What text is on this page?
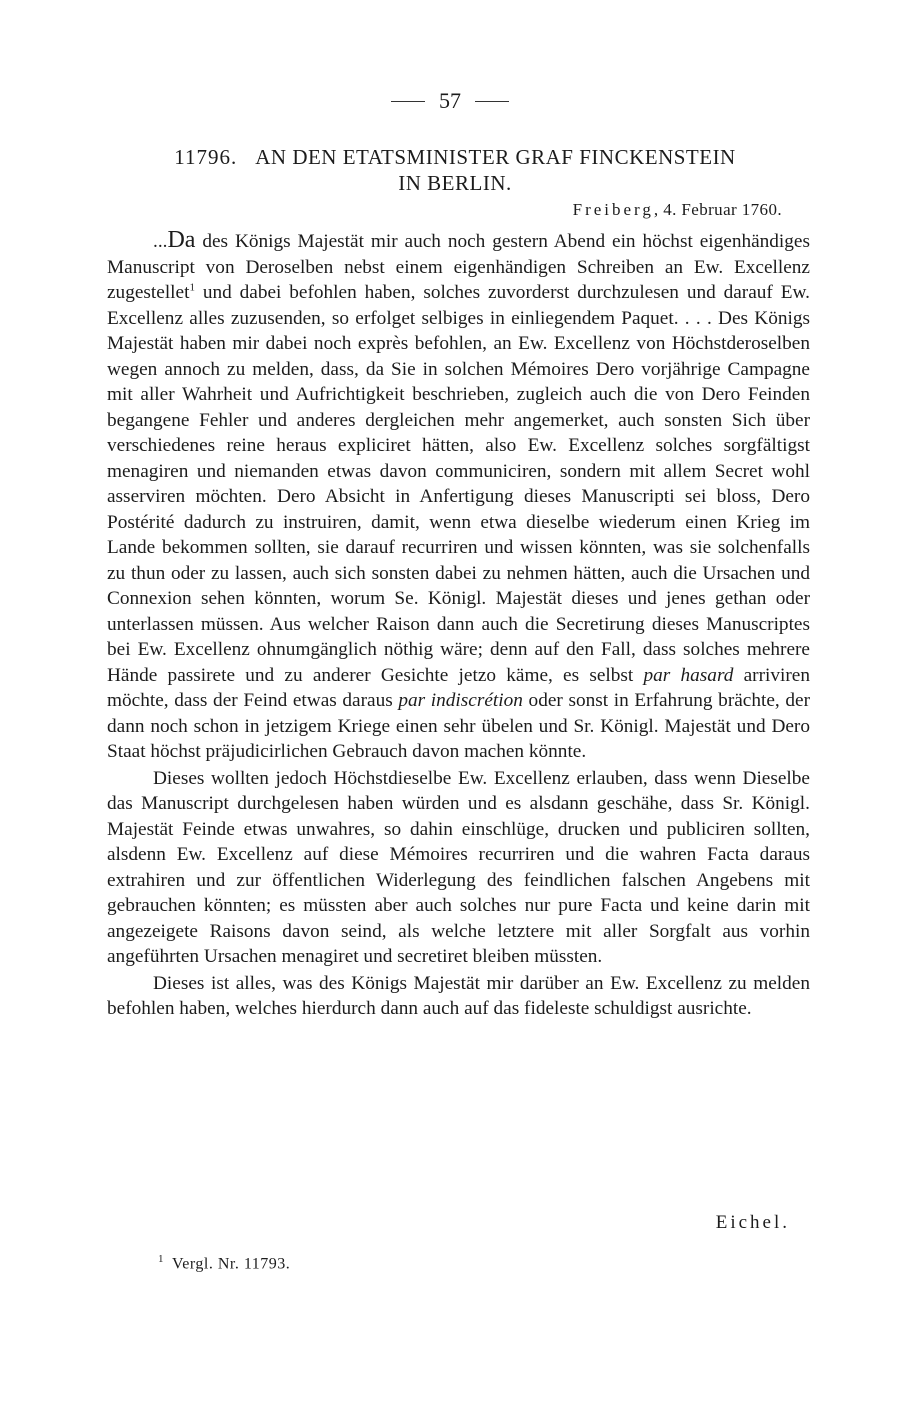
57
11796. AN DEN ETATSMINISTER GRAF FINCKENSTEIN
IN BERLIN.
Freiberg, 4. Februar 1760.

...Da des Königs Majestät mir auch noch gestern Abend ein höchst eigenhändiges Manuscript von Deroselben nebst einem eigenhändigen Schreiben an Ew. Excellenz zugestellet$^1$ und dabei befohlen haben, solches zuvorderst durchzulesen und darauf Ew. Excellenz alles zuzusenden, so erfolget selbiges in einliegendem Paquet. . . . Des Königs Majestät haben mir dabei noch exprès befohlen, an Ew. Excellenz von Höchstderoselben wegen annoch zu melden, dass, da Sie in solchen Mémoires Dero vorjährige Campagne mit aller Wahrheit und Aufrichtigkeit beschrieben, zugleich auch die von Dero Feinden begangene Fehler und anderes dergleichen mehr angemerket, auch sonsten Sich über verschiedenes reine heraus expliciret hätten, also Ew. Excellenz solches sorgfältigst menagiren und niemanden etwas davon communiciren, sondern mit allem Secret wohl asserviren möchten. Dero Absicht in Anfertigung dieses Manuscripti sei bloss, Dero Postérité dadurch zu instruiren, damit, wenn etwa dieselbe wiederum einen Krieg im Lande bekommen sollten, sie darauf recurriren und wissen könnten, was sie solchenfalls zu thun oder zu lassen, auch sich sonsten dabei zu nehmen hätten, auch die Ursachen und Connexion sehen könnten, worum Se. Königl. Majestät dieses und jenes gethan oder unterlassen müssen. Aus welcher Raison dann auch die Secretirung dieses Manuscriptes bei Ew. Excellenz ohnumgänglich nöthig wäre; denn auf den Fall, dass solches mehrere Hände passirete und zu anderer Gesichte jetzo käme, es selbst par hasard arriviren möchte, dass der Feind etwas daraus par indiscrétion oder sonst in Erfahrung brächte, der dann noch schon in jetzigem Kriege einen sehr übelen und Sr. Königl. Majestät und Dero Staat höchst präjudicirlichen Gebrauch davon machen könnte.

Dieses wollten jedoch Höchstdieselbe Ew. Excellenz erlauben, dass wenn Dieselbe das Manuscript durchgelesen haben würden und es alsdann geschähe, dass Sr. Königl. Majestät Feinde etwas unwahres, so dahin einschlüge, drucken und publiciren sollten, alsdenn Ew. Excellenz auf diese Mémoires recurriren und die wahren Facta daraus extrahiren und zur öffentlichen Widerlegung des feindlichen falschen Angebens mit gebrauchen könnten; es müssten aber auch solches nur pure Facta und keine darin mit angezeigete Raisons davon seind, als welche letztere mit aller Sorgfalt aus vorhin angeführten Ursachen menagiret und secretiret bleiben müssten.

Dieses ist alles, was des Königs Majestät mir darüber an Ew. Excellenz zu melden befohlen haben, welches hierdurch dann auch auf das fideleste schuldigst ausrichte.

Eichel.
$^1$ Vergl. Nr. 11793.
